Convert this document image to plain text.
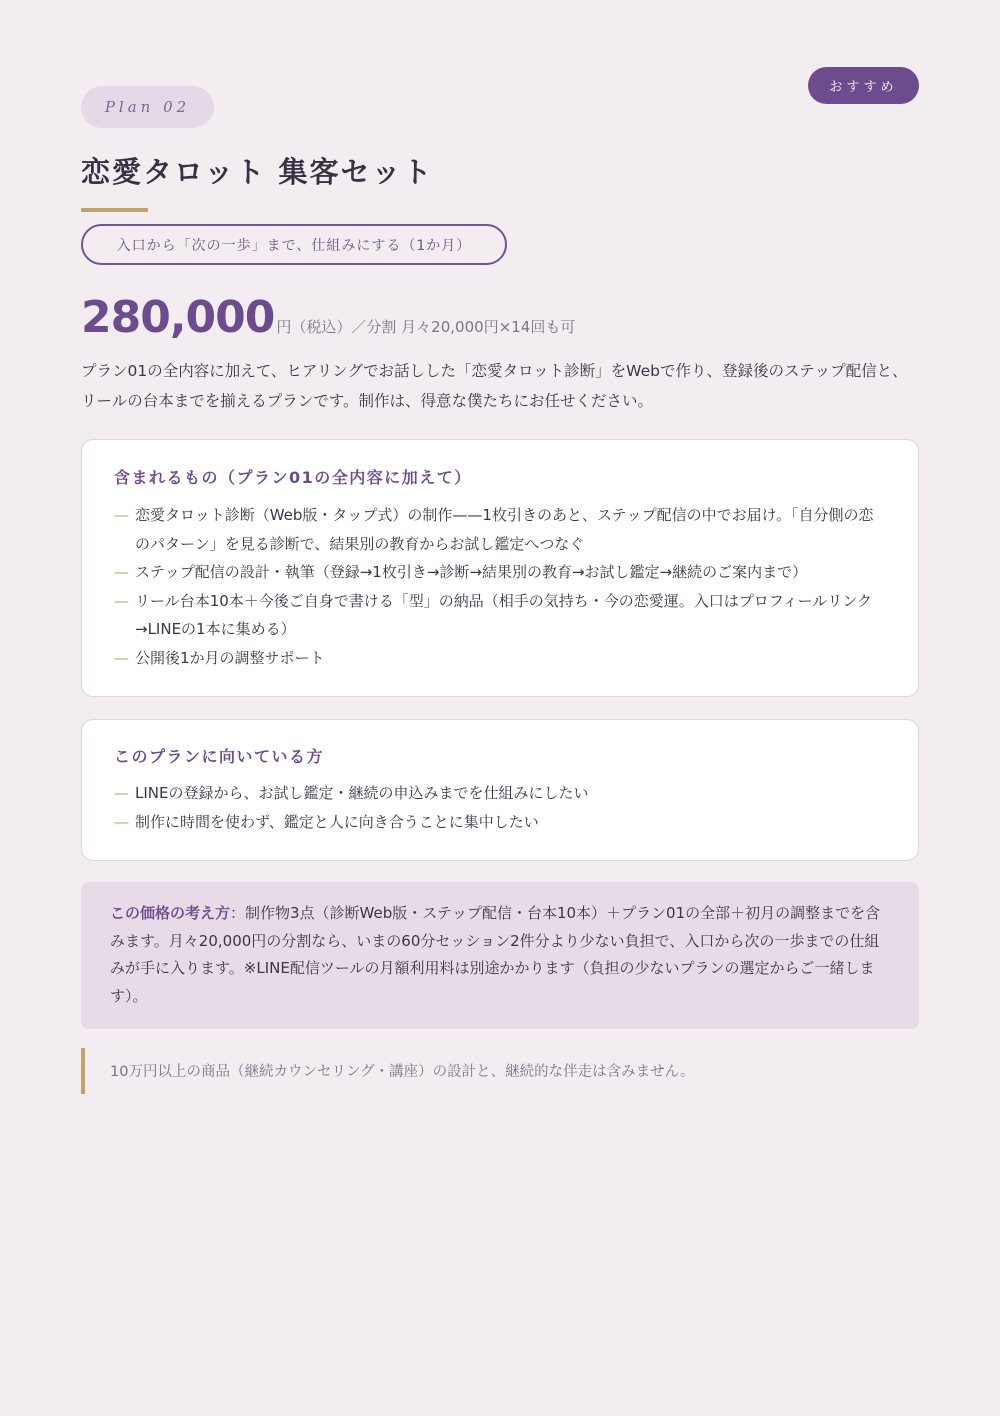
おすすめ
Plan 02
恋愛タロット 集客セット
入口から「次の一歩」まで、仕組みにする（1か月）
280,000 円（税込）／分割 月々20,000円×14回も可

プラン01の全内容に加えて、ヒアリングでお話しした「恋愛タロット診断」をWebで作り、登録後のステップ配信と、リールの台本までを揃えるプランです。制作は、得意な僕たちにお任せください。

含まれるもの（プラン01の全内容に加えて）
— 恋愛タロット診断（Web版・タップ式）の制作——1枚引きのあと、ステップ配信の中でお届け。「自分側の恋のパターン」を見る診断で、結果別の教育からお試し鑑定へつなぐ
— ステップ配信の設計・執筆（登録→1枚引き→診断→結果別の教育→お試し鑑定→継続のご案内まで）
— リール台本10本＋今後ご自身で書ける「型」の納品（相手の気持ち・今の恋愛運。入口はプロフィールリンク→LINEの1本に集める）
— 公開後1か月の調整サポート
このプランに向いている方
— LINEの登録から、お試し鑑定・継続の申込みまでを仕組みにしたい
— 制作に時間を使わず、鑑定と人に向き合うことに集中したい

この価格の考え方：制作物3点（診断Web版・ステップ配信・台本10本）＋プラン01の全部＋初月の調整までを含みます。月々20,000円の分割なら、いまの60分セッション2件分より少ない負担で、入口から次の一歩までの仕組みが手に入ります。※LINE配信ツールの月額利用料は別途かかります（負担の少ないプランの選定からご一緒します）。

10万円以上の商品（継続カウンセリング・講座）の設計と、継続的な伴走は含みません。
